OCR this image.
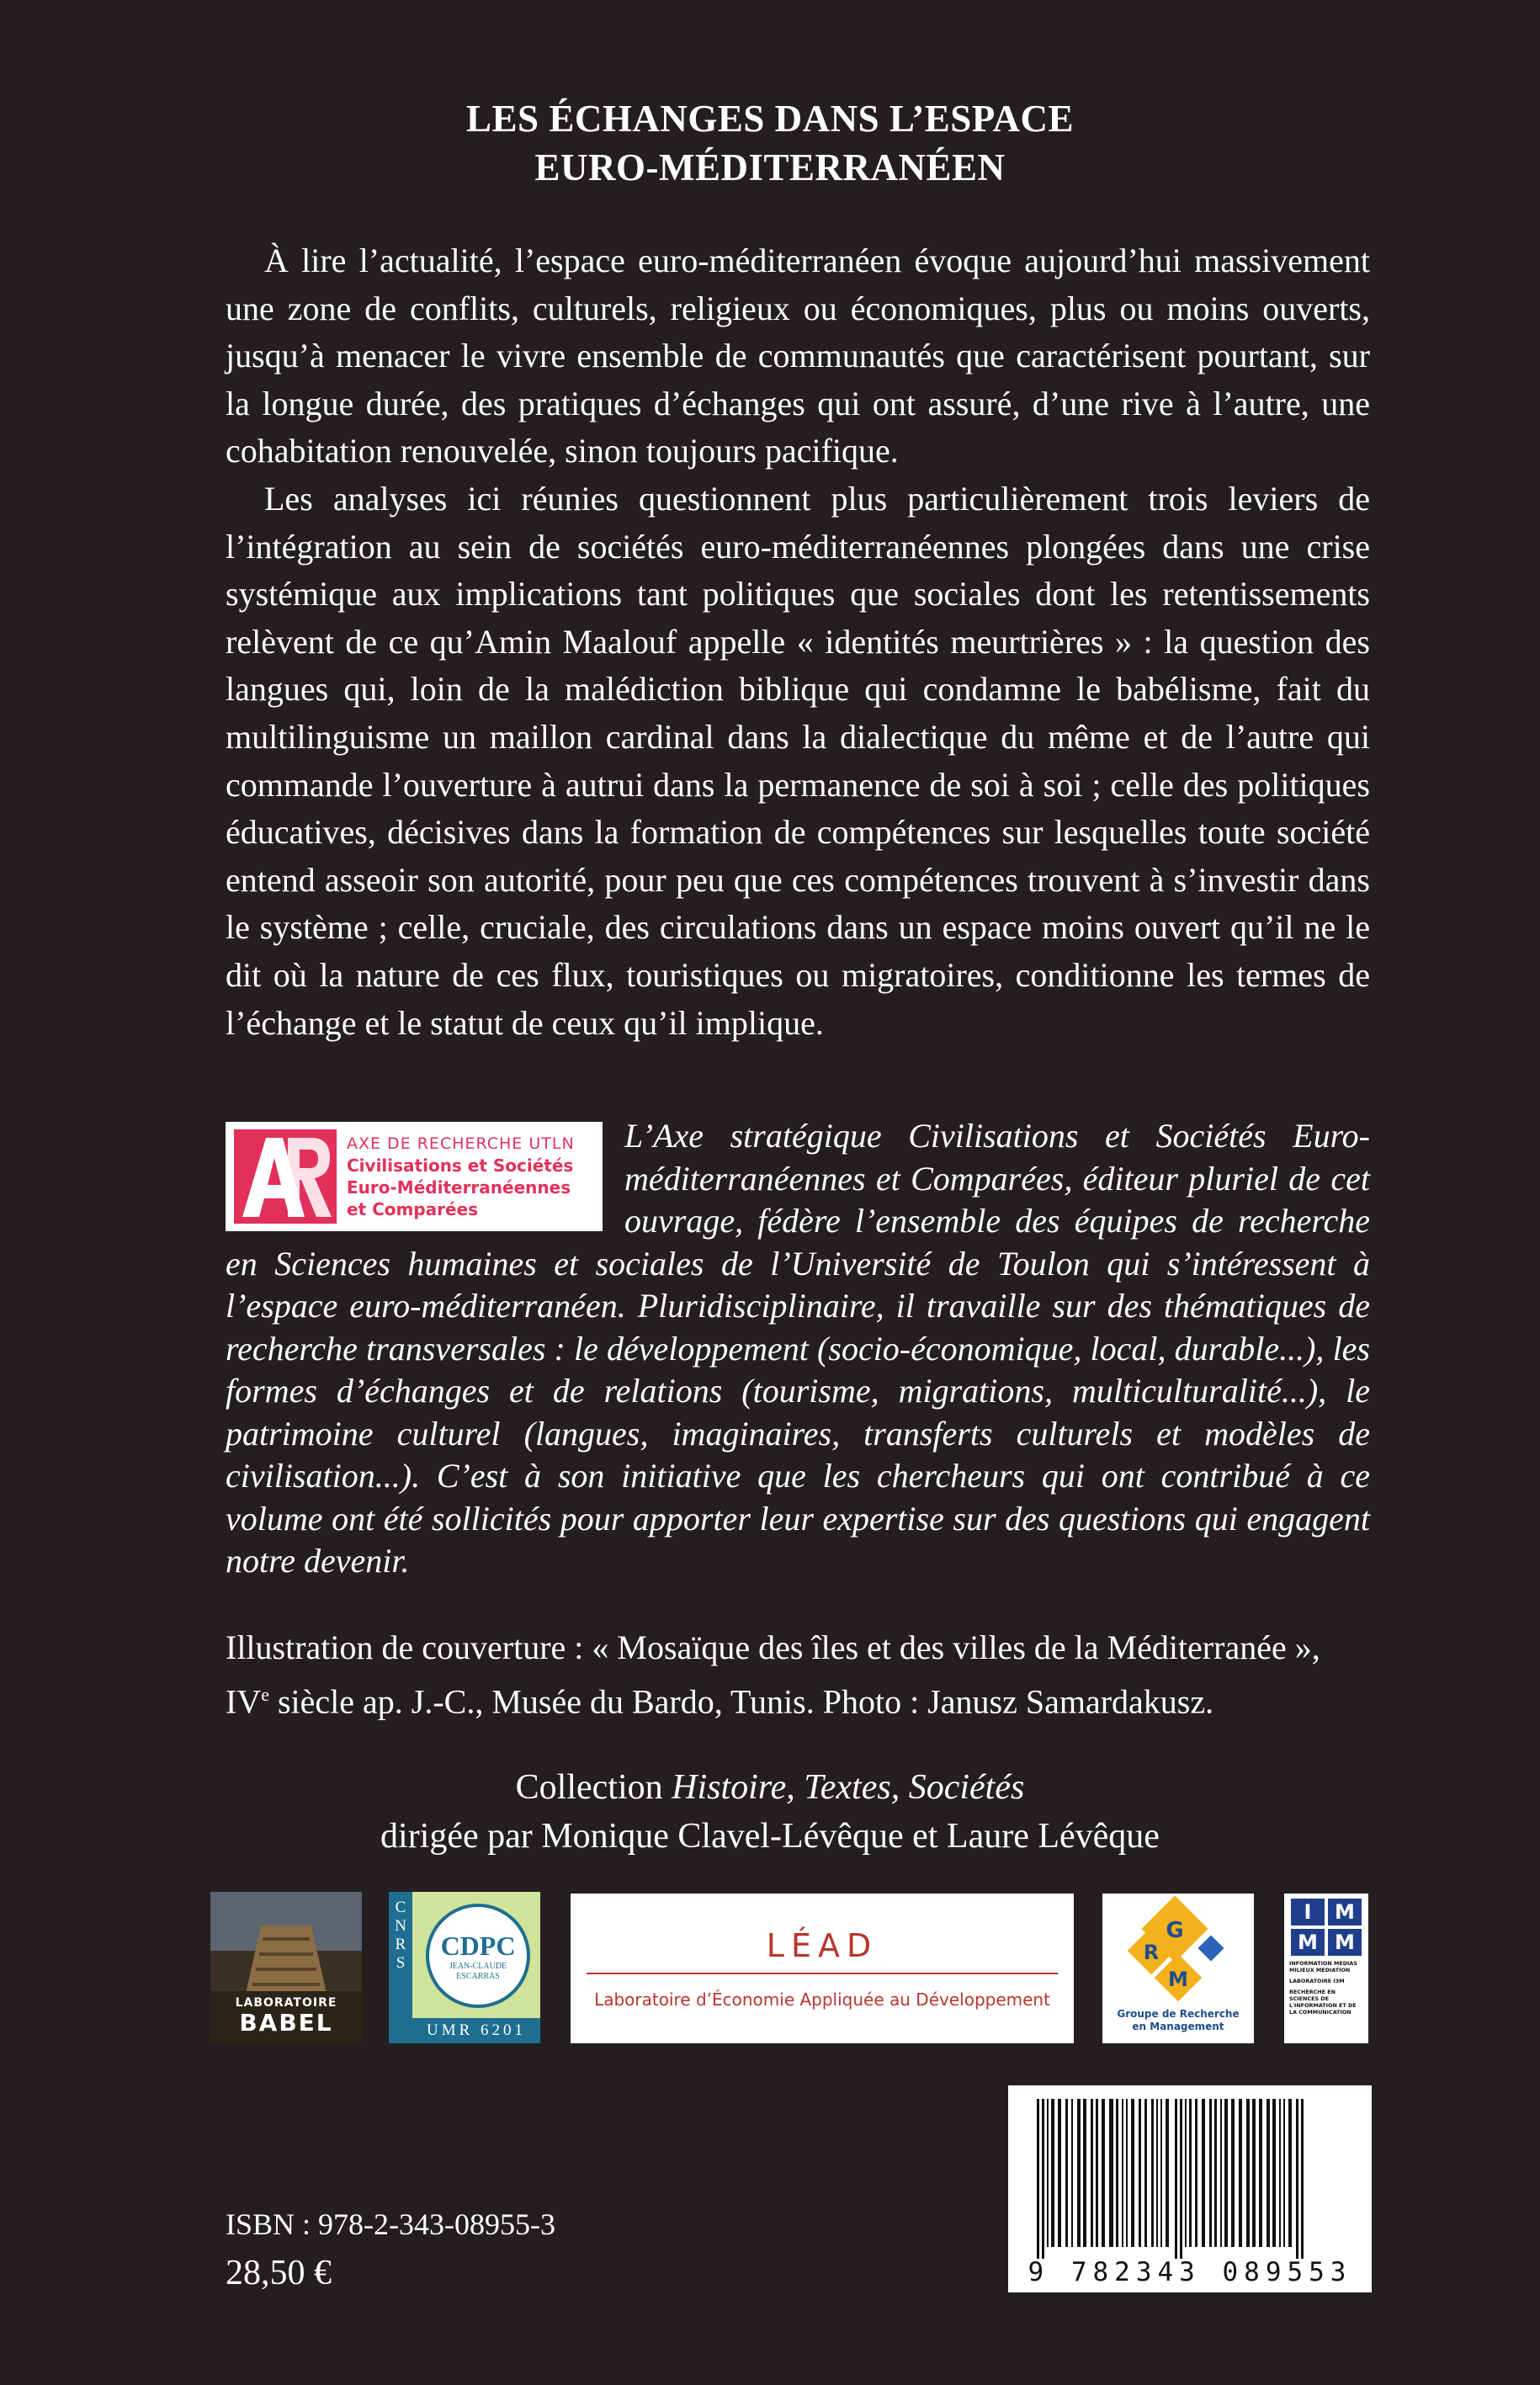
LES ÉCHANGES DANS L’ESPACE
EURO-MÉDITERRANÉEN

À lire l’actualité, l’espace euro-méditerranéen évoque aujourd’hui massivement une zone de conflits, culturels, religieux ou économiques, plus ou moins ouverts, jusqu’à menacer le vivre ensemble de communautés que caractérisent pourtant, sur la longue durée, des pratiques d’échanges qui ont assuré, d’une rive à l’autre, une cohabitation renouvelée, sinon toujours pacifique.

Les analyses ici réunies questionnent plus particulièrement trois leviers de l’intégration au sein de sociétés euro-méditerranéennes plongées dans une crise systémique aux implications tant politiques que sociales dont les retentissements relèvent de ce qu’Amin Maalouf appelle « identités meurtrières » : la question des langues qui, loin de la malédiction biblique qui condamne le babélisme, fait du multilinguisme un maillon cardinal dans la dialectique du même et de l’autre qui commande l’ouverture à autrui dans la permanence de soi à soi ; celle des politiques éducatives, décisives dans la formation de compétences sur lesquelles toute société entend asseoir son autorité, pour peu que ces compétences trouvent à s’investir dans le système ; celle, cruciale, des circulations dans un espace moins ouvert qu’il ne le dit où la nature de ces flux, touristiques ou migratoires, conditionne les termes de l’échange et le statut de ceux qu’il implique.

AXE DE RECHERCHE UTLN
Civilisations et Sociétés
Euro-Méditerranéennes
et Comparées
L’Axe stratégique Civilisations et Sociétés Euro-méditerranéennes et Comparées, éditeur pluriel de cet ouvrage, fédère l’ensemble des équipes de recherche en Sciences humaines et sociales de l’Université de Toulon qui s’intéressent à l’espace euro-méditerranéen. Pluridisciplinaire, il travaille sur des thématiques de recherche transversales : le développement (socio-économique, local, durable...), les formes d’échanges et de relations (tourisme, migrations, multiculturalité...), le patrimoine culturel (langues, imaginaires, transferts culturels et modèles de civilisation...). C’est à son initiative que les chercheurs qui ont contribué à ce volume ont été sollicités pour apporter leur expertise sur des questions qui engagent notre devenir.
Illustration de couverture : « Mosaïque des îles et des villes de la Méditerranée »,
IVe siècle ap. J.-C., Musée du Bardo, Tunis. Photo : Janusz Samardakusz.
Collection Histoire, Textes, Sociétés
dirigée par Monique Clavel-Lévêque et Laure Lévêque
LABORATOIRE
BABEL
C
N
R
S
CDPC
JEAN-CLAUDE ESCARRAS
UMR 6201
LÉAD
Laboratoire d’Économie Appliquée au Développement
G
R
M
Groupe de Recherche
en Management
I	M
M M
INFORMATION MEDIAS MILIEUX MEDIATION
LABORATOIRE I3M
RECHERCHE EN SCIENCES DE L'INFORMATION ET DE LA COMMUNICATION
9 782343 089553
ISBN : 978-2-343-08955-3
28,50 €
